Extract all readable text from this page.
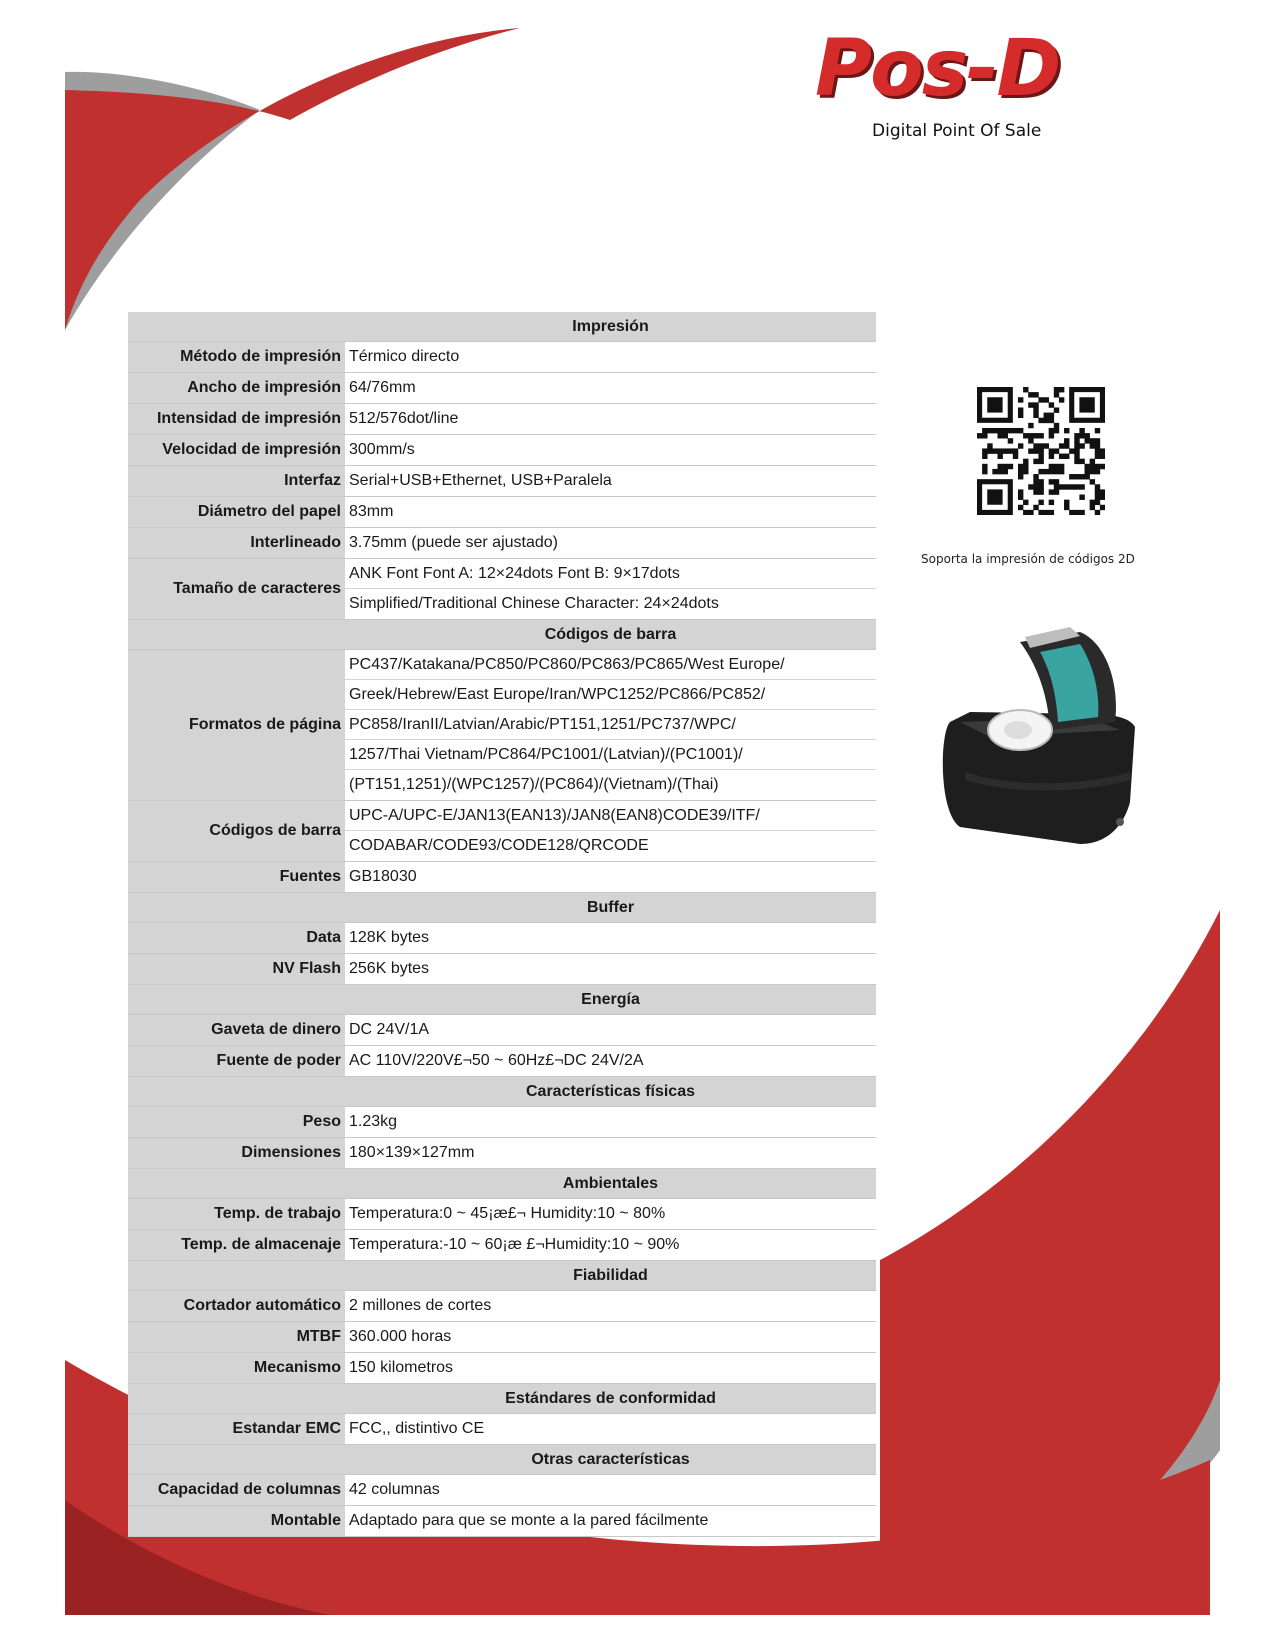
Pos-D
Digital Point Of Sale
Impresión
Método de impresión Térmico directo
Ancho de impresión 64/76mm
Intensidad de impresión 512/576dot/line
Velocidad de impresión 300mm/s
Interfaz Serial+USB+Ethernet, USB+Paralela
Diámetro del papel 83mm
Interlineado 3.75mm (puede ser ajustado)
Tamaño de caracteres
ANK Font Font A: 12×24dots Font B: 9×17dots
Simplified/Traditional Chinese Character: 24×24dots
Códigos de barra
Formatos de página
PC437/Katakana/PC850/PC860/PC863/PC865/West Europe/
Greek/Hebrew/East Europe/Iran/WPC1252/PC866/PC852/
PC858/IranII/Latvian/Arabic/PT151,1251/PC737/WPC/
1257/Thai Vietnam/PC864/PC1001/(Latvian)/(PC1001)/
(PT151,1251)/(WPC1257)/(PC864)/(Vietnam)/(Thai)
Códigos de barra
UPC-A/UPC-E/JAN13(EAN13)/JAN8(EAN8)CODE39/ITF/
CODABAR/CODE93/CODE128/QRCODE
Fuentes GB18030
Buffer
Data 128K bytes
NV Flash 256K bytes
Energía
Gaveta de dinero DC 24V/1A
Fuente de poder AC 110V/220V£¬50 ~ 60Hz£¬DC 24V/2A
Características físicas
Peso 1.23kg
Dimensiones 180×139×127mm
Ambientales
Temp. de trabajo Temperatura:0 ~ 45¡æ£¬ Humidity:10 ~ 80%
Temp. de almacenaje Temperatura:-10 ~ 60¡æ £¬Humidity:10 ~ 90%
Fiabilidad
Cortador automático 2 millones de cortes
MTBF 360.000 horas
Mecanismo 150 kilometros
Estándares de conformidad
Estandar EMC FCC,, distintivo CE
Otras características
Capacidad de columnas 42 columnas
Montable Adaptado para que se monte a la pared fácilmente
Soporta la impresión de códigos 2D
